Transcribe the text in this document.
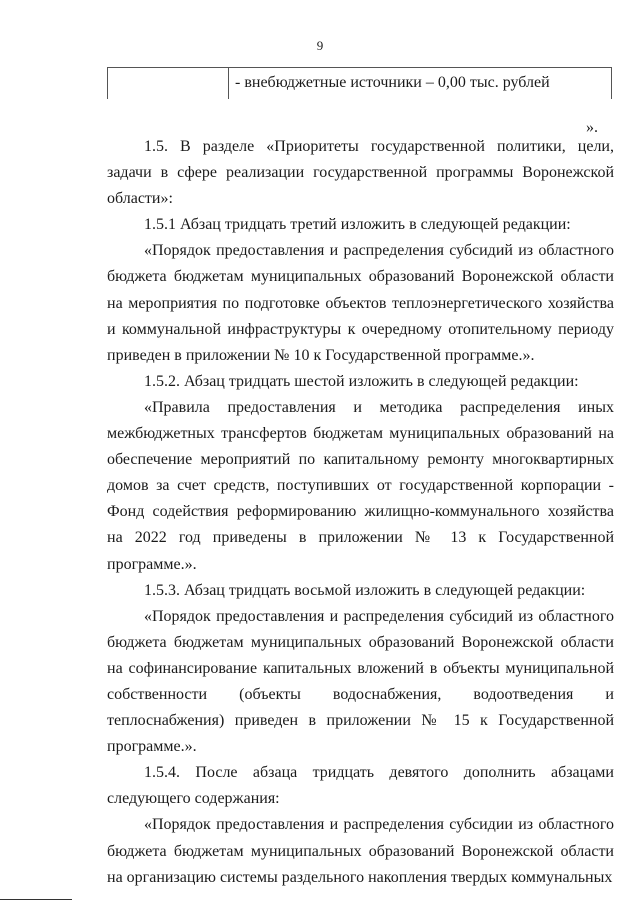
9
- внебюджетные источники – 0,00 тыс. рублей
».

1.5. В разделе «Приоритеты государственной политики, цели, задачи в сфере реализации государственной программы Воронежской области»:

1.5.1 Абзац тридцать третий изложить в следующей редакции:

«Порядок предоставления и распределения субсидий из областного бюджета бюджетам муниципальных образований Воронежской области на мероприятия по подготовке объектов теплоэнергетического хозяйства и коммунальной инфраструктуры к очередному отопительному периоду приведен в приложении № 10 к Государственной программе.».

1.5.2. Абзац тридцать шестой изложить в следующей редакции:

«Правила предоставления и методика распределения иных межбюджетных трансфертов бюджетам муниципальных образований на обеспечение мероприятий по капитальному ремонту многоквартирных домов за счет средств, поступивших от государственной корпорации - Фонд содействия реформированию жилищно-коммунального хозяйства на 2022 год приведены в приложении № 13 к Государственной программе.».

1.5.3. Абзац тридцать восьмой изложить в следующей редакции:

«Порядок предоставления и распределения субсидий из областного бюджета бюджетам муниципальных образований Воронежской области на софинансирование капитальных вложений в объекты муниципальной собственности (объекты водоснабжения, водоотведения и теплоснабжения) приведен в приложении № 15 к Государственной программе.».

1.5.4. После абзаца тридцать девятого дополнить абзацами следующего содержания:

«Порядок предоставления и распределения субсидии из областного бюджета бюджетам муниципальных образований Воронежской области на организацию системы раздельного накопления твердых коммунальных
